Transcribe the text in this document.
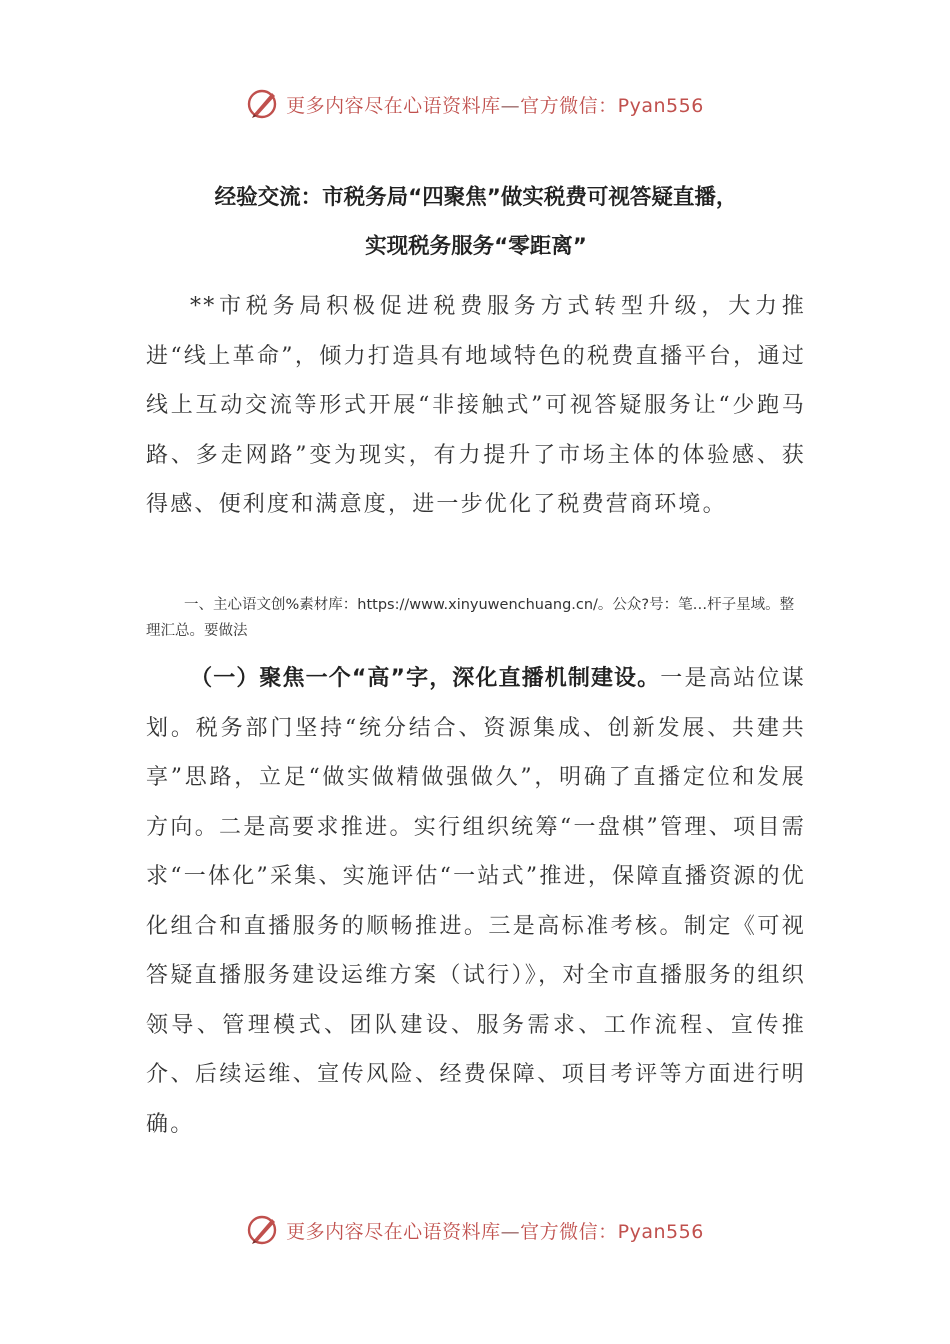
更多内容尽在心语资料库—官方微信：Pyan556
经验交流：市税务局“四聚焦”做实税费可视答疑直播，
实现税务服务“零距离”

**市税务局积极促进税费服务方式转型升级，大力推进“线上革命”，倾力打造具有地域特色的税费直播平台，通过线上互动交流等形式开展“非接触式”可视答疑服务让“少跑马路、多走网路”变为现实，有力提升了市场主体的体验感、获得感、便利度和满意度，进一步优化了税费营商环境。

一、主心语文创%素材库：https://www.xinyuwenchuang.cn/。公众?号：笔…杆子星域。整理汇总。要做法

（一）聚焦一个“高”字，深化直播机制建设。一是高站位谋划。税务部门坚持“统分结合、资源集成、创新发展、共建共享”思路，立足“做实做精做强做久”，明确了直播定位和发展方向。二是高要求推进。实行组织统筹“一盘棋”管理、项目需求“一体化”采集、实施评估“一站式”推进，保障直播资源的优化组合和直播服务的顺畅推进。三是高标准考核。制定《可视答疑直播服务建设运维方案（试行）》，对全市直播服务的组织领导、管理模式、团队建设、服务需求、工作流程、宣传推介、后续运维、宣传风险、经费保障、项目考评等方面进行明确。

更多内容尽在心语资料库—官方微信：Pyan556
